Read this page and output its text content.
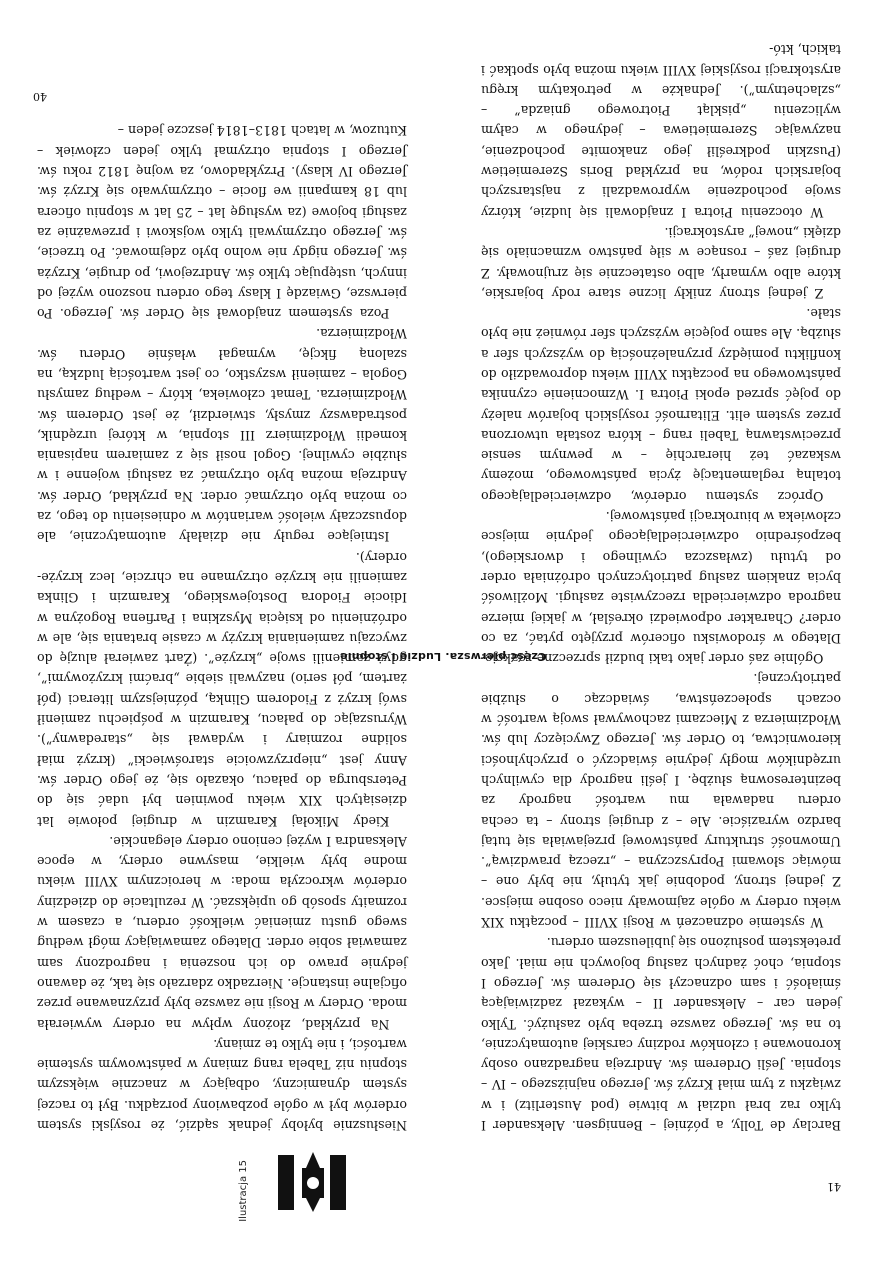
41

Barclay de Tolly, a później – Bennigsen. Aleksander I tylko raz brał udział w bitwie (pod Austerlitz) i w związku z tym miał Krzyż św. Jerzego najniższego – IV – stopnia. Jeśli Orderem św. Andrzeja nagradzano osoby koronowane i członków rodziny carskiej automatycznie, to na św. Jerzego zawsze trzeba było zasłużyć. Tylko jeden car – Aleksander II – wykazał zadziwiającą śmiałość i sam odznaczył się Orderem św. Jerzego I stopnia, choć żadnych zasług bojowych nie miał. Jako pretekstem posłużono się jubileuszem orderu.

W systemie odznaczeń w Rosji XVIII – początku XIX wieku ordery w ogóle zajmowały nieco osobne miejsce. Z jednej strony, podobnie jak tytuły, nie były one – mówiąc słowami Popryszczyna – „rzeczą prawdziwą”. Umowność struktury państwowej przejawiała się tutaj bardzo wyraziście. Ale – z drugiej strony – ta cecha orderu nadawała mu wartość nagrody za bezinteresowną służbę. I jeśli nagrody dla cywilnych urzędników mogły jedynie świadczyć o przychylności kierownictwa, to Order św. Jerzego Zwycięzcy lub św. Włodzimierza z Mieczami zachowywał swoją wartość w oczach społeczeństwa, świadcząc o służbie patriotycznej.

Ogólnie zaś order jako taki budził sprzeczne reakcje. Dlatego w środowisku oficerów przyjęto pytać, za co order? Charakter odpowiedzi określał, w jakiej mierze nagroda odzwierciedla rzeczywiste zasługi. Możliwość bycia znakiem zasług patriotycznych odróżniała order od tytułu (zwłaszcza cywilnego i dworskiego), bezpośrednio odzwierciedlającego jedynie miejsce człowieka w biurokracji państwowej.

Oprócz systemu orderów, odzwierciedlającego totalną reglamentację życia państwowego, możemy wskazać też hierarchię – w pewnym sensie przeciwstawną Tabeli rang – która została utworzona przez system elit. Elitarność rosyjskich bojarów należy do pojęć sprzed epoki Piotra I. Wzmocnienie czynnika państwowego na początku XVIII wieku doprowadziło do konfliktu pomiędzy przynależnością do wyższych sfer a służbą. Ale samo pojęcie wyższych sfer również nie było stałe.

Z jednej strony znikły liczne stare rody bojarskie, które albo wymarły, albo ostatecznie się zrujnowały. Z drugiej zaś – rosnące w siłę państwo wzmacniało się dzięki „nowej” arystokracji.

W otoczeniu Piotra I znajdowali się ludzie, którzy swoje pochodzenie wyprowadzali z najstarszych bojarskich rodów, na przykład Boris Szeremietiew (Puszkin podkreślił jego znakomite pochodzenie, nazywając Szeremietiewa – jedynego w całym wyliczeniu „piskląt Piotrowego gniazda” – „szlachetnym”). Jednakże w petrokatym kręgu arystokracji rosyjskiej XVIII wieku można było spotkać i takich, któ-

Część pierwsza. Ludzie i stopnie
40

Niesłusznie byłoby jednak sądzić, że rosyjski system orderów był w ogóle pozbawiony porządku. Był to raczej system dynamiczny, odbający w znacznie większym stopniu niż Tabela rang zmiany w państwowym systemie wartości, i nie tylko te zmiany.

Na przykład, złożony wpływ na ordery wywierała moda. Ordery w Rosji nie zawsze były przyznawane przez oficjalne instancje. Nierzadko zdarzało się tak, że dawano jedynie prawo do ich noszenia i nagrodzony sam zamawiał sobie order. Dlatego zamawiający mógł według swego gustu zmieniać wielkość orderu, a czasem w rozmaity sposób go upiększać. W rezultacie do dziedziny orderów wkroczyła moda: w heroicznym XVIII wieku modne były wielkie, masywne ordery, w epoce Aleksandra I wyżej ceniono ordery eleganckie.

Kiedy Mikołaj Karamzin w drugiej połowie lat dziesiątych XIX wieku powinien był udać się do Petersburga do pałacu, okazało się, że jego Order św. Anny jest „nieprzyzwoicie staroświecki” (krzyż miał solidne rozmiary i wydawał się „staredawny”). Wyruszając do pałacu, Karamzin w pośpiechu zamienił swój krzyż z Fiodorem Glinką, późniejszym literaci (pół żartem, pół serio) nazywali siebie „braćmi krzyżowymi”, gdyż zamienili swoje „krzyże”. (Żart zawierał aluzję do zwyczaju zamieniania krzyży w czasie bratania się, ale w odróżnieniu od księcia Myszkina i Parfiena Rogożyna w Idiocie Fiodora Dostojewskiego, Karamzin i Glinka zamienili nie krzyże otrzymane na chrzcie, lecz krzyże-ordery).

Istniejące reguły nie działały automatycznie, ale dopuszczały wielość wariantów w odniesieniu do tego, za co można było otrzymać order. Na przykład, Order św. Andrzeja można było otrzymać za zasługi wojenne i w służbie cywilnej. Gogol nosił się z zamiarem napisania komedii Włodzimierz III stopnia, w której urzędnik, postradawszy zmysły, stwierdził, że jest Orderem św. Włodzimierza. Temat człowieka, który – według zamysłu Gogola – zamienił wszystko, co jest wartością ludzką, na szaloną fikcję, wymagał właśnie Orderu św. Włodzimierza.

Poza systemem znajdował się Order św. Jerzego. Po pierwsze, Gwiazdę I klasy tego orderu noszono wyżej od innych, ustępując tylko św. Andrzejowi, po drugie, Krzyża św. Jerzego nigdy nie wolno było zdejmować. Po trzecie, św. Jerzego otrzymywali tylko wojskowi i przeważnie za zasługi bojowe (za wysługę lat – 25 lat w stopniu oficera lub 18 kampanii we flocie – otrzymywało się Krzyż św. Jerzego IV klasy). Przykładowo, za wojnę 1812 roku św. Jerzego I stopnia otrzymał tylko jeden człowiek – Kutuzow, w latach 1813–1814 jeszcze jeden –

Ilustracja 15
